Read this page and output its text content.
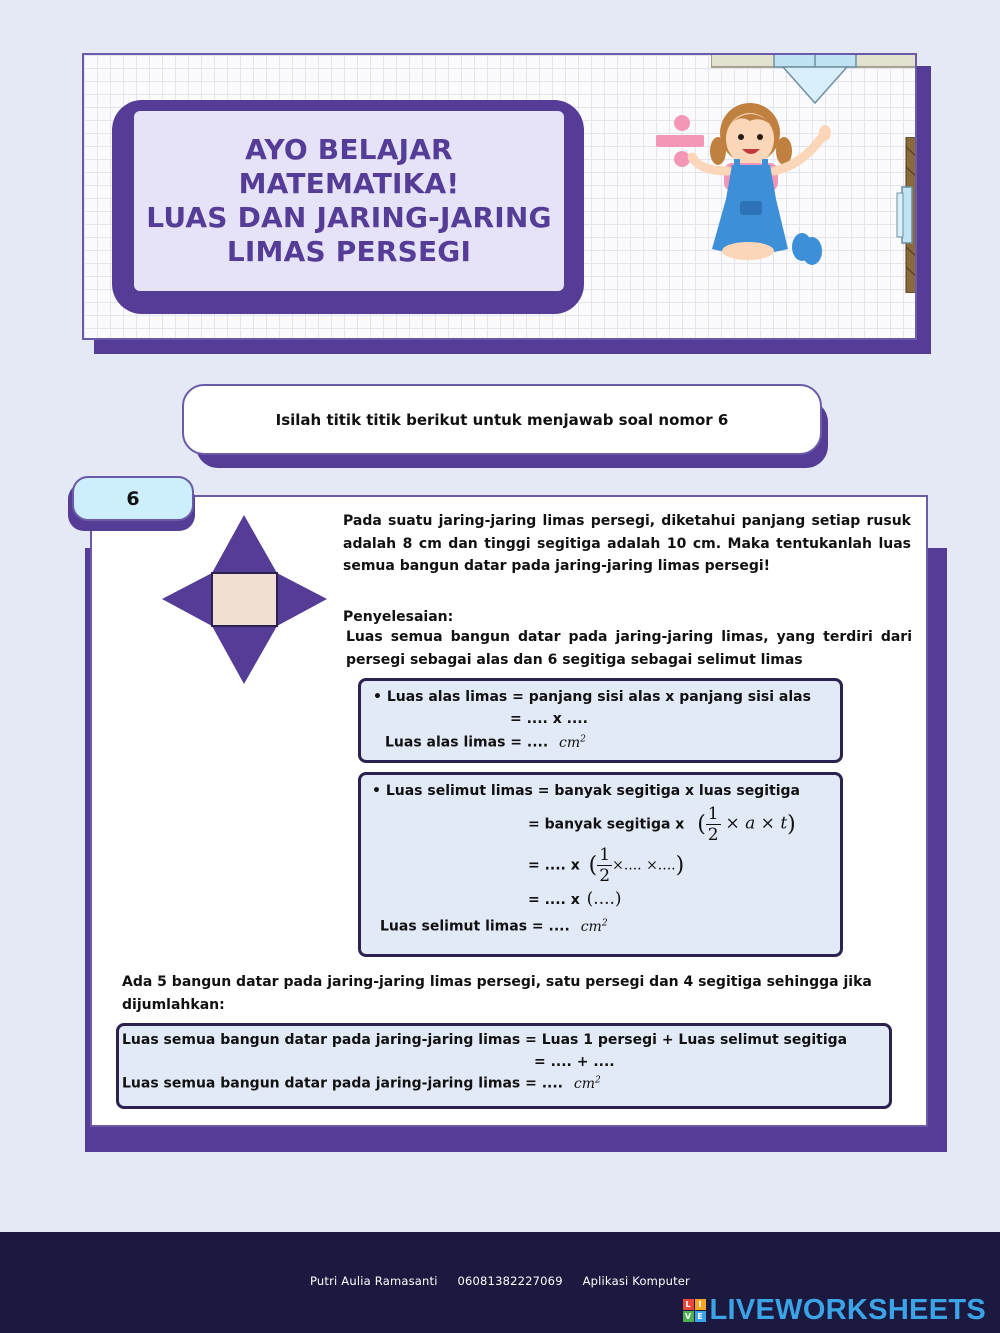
AYO BELAJAR MATEMATIKA!
LUAS DAN JARING-JARING
LIMAS PERSEGI
Isilah titik titik berikut untuk menjawab soal nomor 6
6
Pada suatu jaring-jaring limas persegi, diketahui panjang setiap rusuk adalah 8 cm dan tinggi segitiga adalah 10 cm. Maka tentukanlah luas semua bangun datar pada jaring-jaring limas persegi!
Penyelesaian:
Luas semua bangun datar pada jaring-jaring limas, yang terdiri dari persegi sebagai alas dan 6 segitiga sebagai selimut limas
• Luas alas limas = panjang sisi alas x panjang sisi alas
= .... x ....
Luas alas limas = .... $cm^2$
• Luas selimut limas = banyak segitiga x luas segitiga
= banyak segitiga x ( $\frac{1}{2} \times a \times t$)
= .... x ( $\frac{1}{2}$ ×.... ×....)
= .... x (....)
Luas selimut limas = .... $cm^2$
Ada 5 bangun datar pada jaring-jaring limas persegi, satu persegi dan 4 segitiga sehingga jika dijumlahkan:
Luas semua bangun datar pada jaring-jaring limas = Luas 1 persegi + Luas selimut segitiga
= .... + ....
Luas semua bangun datar pada jaring-jaring limas = .... $cm^2$
Putri Aulia Ramasanti 06081382227069 Aplikasi Komputer
L I
V E LIVEWORKSHEETS
